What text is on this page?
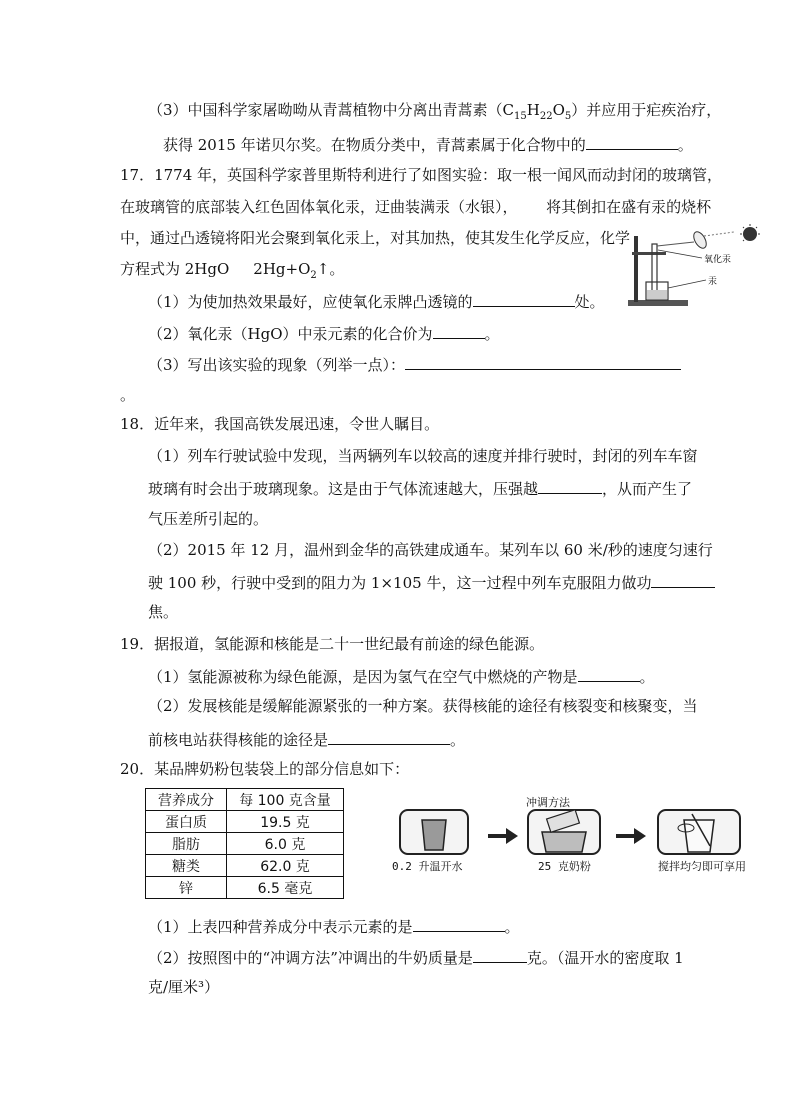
（3）中国科学家屠呦呦从青蒿植物中分离出青蒿素$(C_{15}H_{22}O_5)$并应用于疟疾治疗，
获得 2015 年诺贝尔奖。在物质分类中，青蒿素属于化合物中的	。
17．1774 年，英国科学家普里斯特利进行了如图实验：取一根一闻风而动封闭的玻璃管，
在玻璃管的底部装入红色固体氧化汞，迂曲装满汞（水银），      将其倒扣在盛有汞的烧杯
中，通过凸透镜将阳光会聚到氧化汞上，对其加热，使其发生化学反应，化学
方程式为 2HgO $2Hg+O_2↑$。	氧化汞
汞
（1）为使加热效果最好，应使氧化汞牌凸透镜的	处。
（2）氧化汞（HgO）中汞元素的化合价为	。
（3）写出该实验的现象（列举一点）：
。
18．近年来，我国高铁发展迅速，令世人瞩目。
（1）列车行驶试验中发现，当两辆列车以较高的速度并排行驶时，封闭的列车车窗
玻璃有时会出于玻璃现象。这是由于气体流速越大，压强越	，从而产生了
气压差所引起的。
（2）2015 年 12 月，温州到金华的高铁建成通车。某列车以 60 米/秒的速度匀速行
驶 100 秒，行驶中受到的阻力为 1×105 牛，这一过程中列车克服阻力做功
焦。
19．据报道，氢能源和核能是二十一世纪最有前途的绿色能源。
（1）氢能源被称为绿色能源，是因为氢气在空气中燃烧的产物是	。
（2）发展核能是缓解能源紧张的一种方案。获得核能的途径有核裂变和核聚变，当
前核电站获得核能的途径是	。
20．某品牌奶粉包装袋上的部分信息如下：
营养成分	每 100 克含量
蛋白质	19.5 克
脂肪	6.0 克
糖类	62.0 克
锌	6.5 毫克
冲调方法
0.2 升温开水	25 克奶粉	搅拌均匀即可享用
（1）上表四种营养成分中表示元素的是	。
（2）按照图中的“冲调方法”冲调出的牛奶质量是	克。（温开水的密度取 1
克/厘米³）
